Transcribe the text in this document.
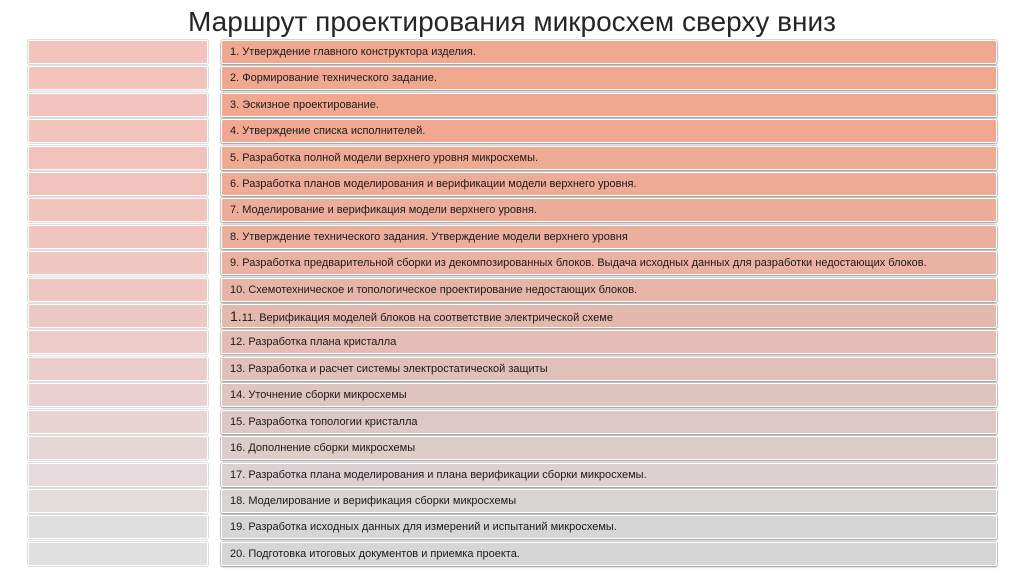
Маршрут проектирования микросхем сверху вниз
1. Утверждение главного конструктора изделия.
2. Формирование технического задание.
3. Эскизное проектирование.
4. Утверждение списка исполнителей.
5. Разработка полной модели верхнего уровня микросхемы.
6. Разработка планов моделирования и верификации модели верхнего уровня.
7. Моделирование и верификация модели верхнего уровня.
8. Утверждение технического задания. Утверждение модели верхнего уровня
9. Разработка предварительной сборки из декомпозированных блоков. Выдача исходных данных для разработки недостающих блоков.
10. Схемотехническое и топологическое проектирование недостающих блоков.
1.11. Верификация моделей блоков на соответствие электрической схеме
12. Разработка плана кристалла
13. Разработка и расчет системы электростатической защиты
14. Уточнение сборки микросхемы
15. Разработка топологии кристалла
16. Дополнение сборки микросхемы
17. Разработка плана моделирования и плана верификации сборки микросхемы.
18. Моделирование и верификация сборки микросхемы
19. Разработка исходных данных для измерений и испытаний микросхемы.
20. Подготовка итоговых документов и приемка проекта.
